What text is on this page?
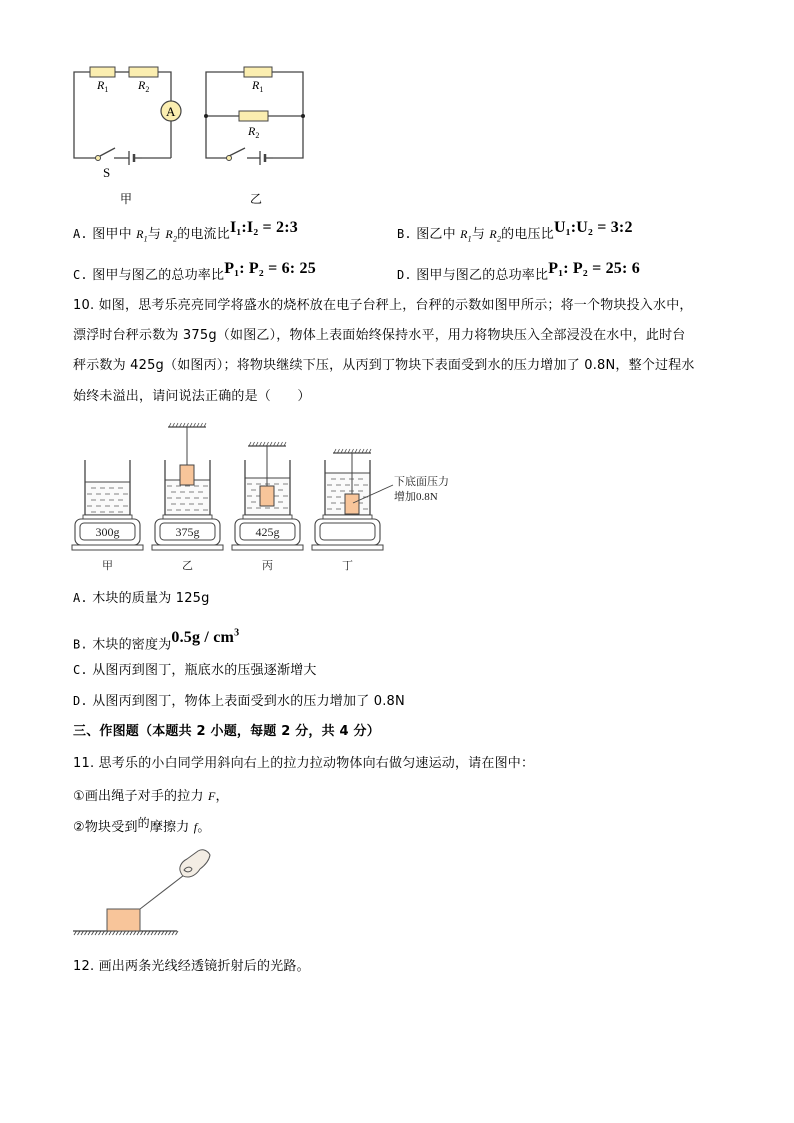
A
$R_1$ $R_2$
S
甲
$R_1$
$R_2$
乙
A. 图甲中 $R_1$与 $R_2$的电流比I₁:I₂ = 2:3	B. 图乙中 $R_1$与 $R_2$的电压比U₁:U₂ = 3:2
C. 图甲与图乙的总功率比P₁: P₂ = 6: 25	D. 图甲与图乙的总功率比P₁: P₂ = 25: 6
10. 如图，思考乐亮亮同学将盛水的烧杯放在电子台秤上，台秤的示数如图甲所示；将一个物块投入水中，
漂浮时台秤示数为 375g（如图乙），物体上表面始终保持水平，用力将物块压入全部浸没在水中，此时台
秤示数为 425g（如图丙）；将物块继续下压，从丙到丁物块下表面受到水的压力增加了 0.8N，整个过程水
始终未溢出，请问说法正确的是（　　）
300g
甲
375g
乙
425g
丙	丁
下底面压力
增加0.8N
A. 木块的质量为 125g
B. 木块的密度为$0.5g / cm^3$
C. 从图丙到图丁，瓶底水的压强逐渐增大
D. 从图丙到图丁，物体上表面受到水的压力增加了 0.8N
三、作图题（本题共 2 小题，每题 2 分，共 4 分）
11. 思考乐的小白同学用斜向右上的拉力拉动物体向右做匀速运动，请在图中：
①画出绳子对手的拉力 F，
②物块受到的摩擦力 f。
12. 画出两条光线经透镜折射后的光路。
